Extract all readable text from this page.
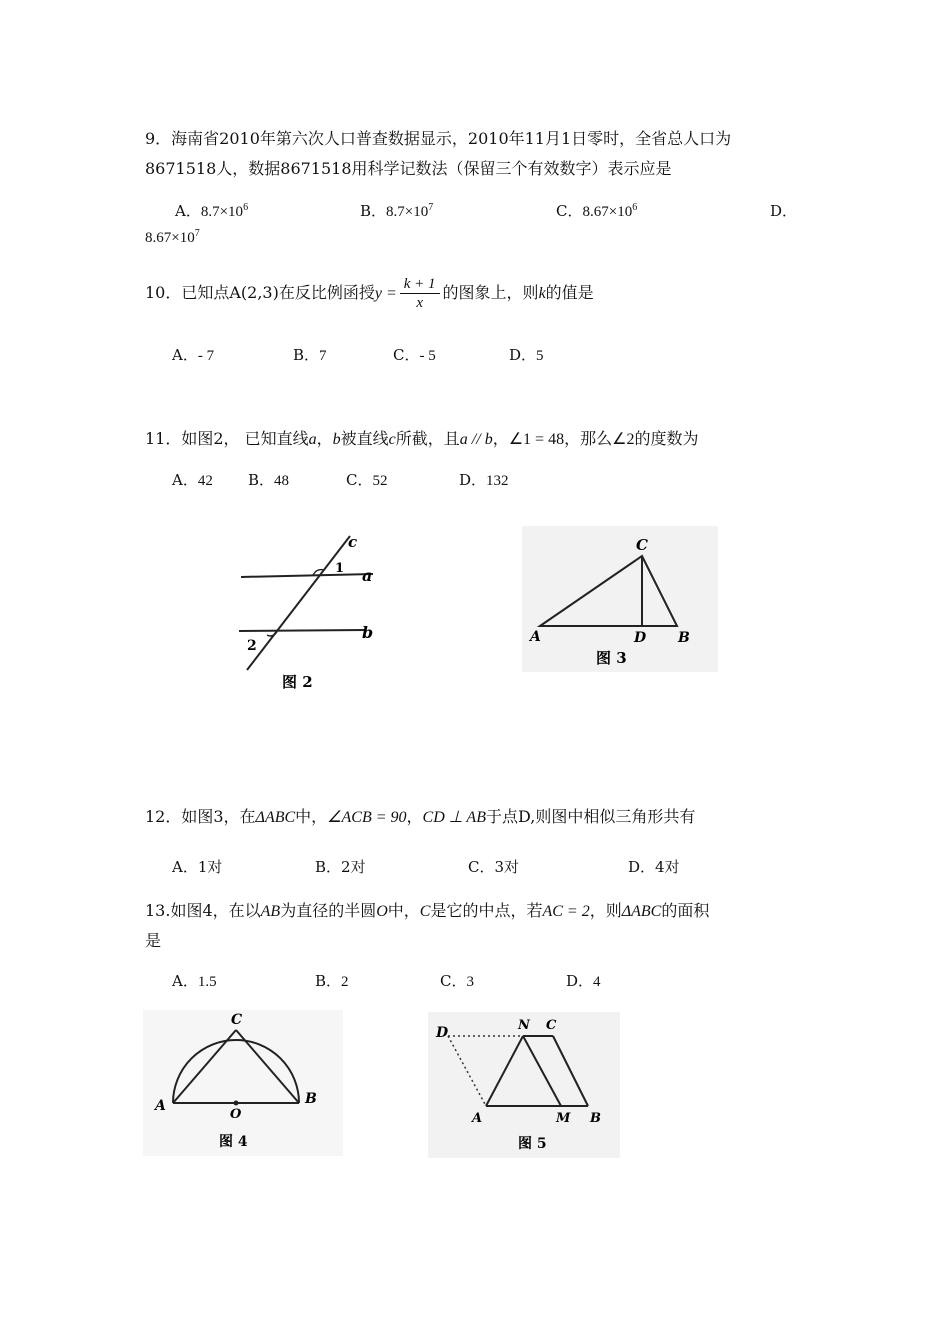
9．海南省2010年第六次人口普查数据显示，2010年11月1日零时，全省总人口为
8671518人，数据8671518用科学记数法（保留三个有效数字）表示应是
A．$8.7\times 10^6$	B．$8.7\times 10^7$	C．$8.67\times 10^6$	D．
$8.67\times 10^7$
10．已知点A(2,3)在反比例函授$y = \frac{k + 1}{x}$ 的图象上，则k的值是
A．- 7	B．7	C．- 5	D．5
11．如图2， 已知直线a，b被直线c所截，且a // b，∠1 = 48，那么∠2的度数为
A．42 B．48	C．52	D．132
c
1 a
b
2
图 2
C
A	D B
图 3
12．如图3，在ΔABC中，∠ACB = 90，CD ⊥ AB于点D,则图中相似三角形共有
A．1对	B．2对	C．3对	D．4对
13.如图4，在以AB为直径的半圆O中，C是它的中点，若AC = 2，则ΔABC的面积
是
A．1.5	B．2	C．3	D．4
C
A	B
O
图 4
D	N C
A	M B
图 5
